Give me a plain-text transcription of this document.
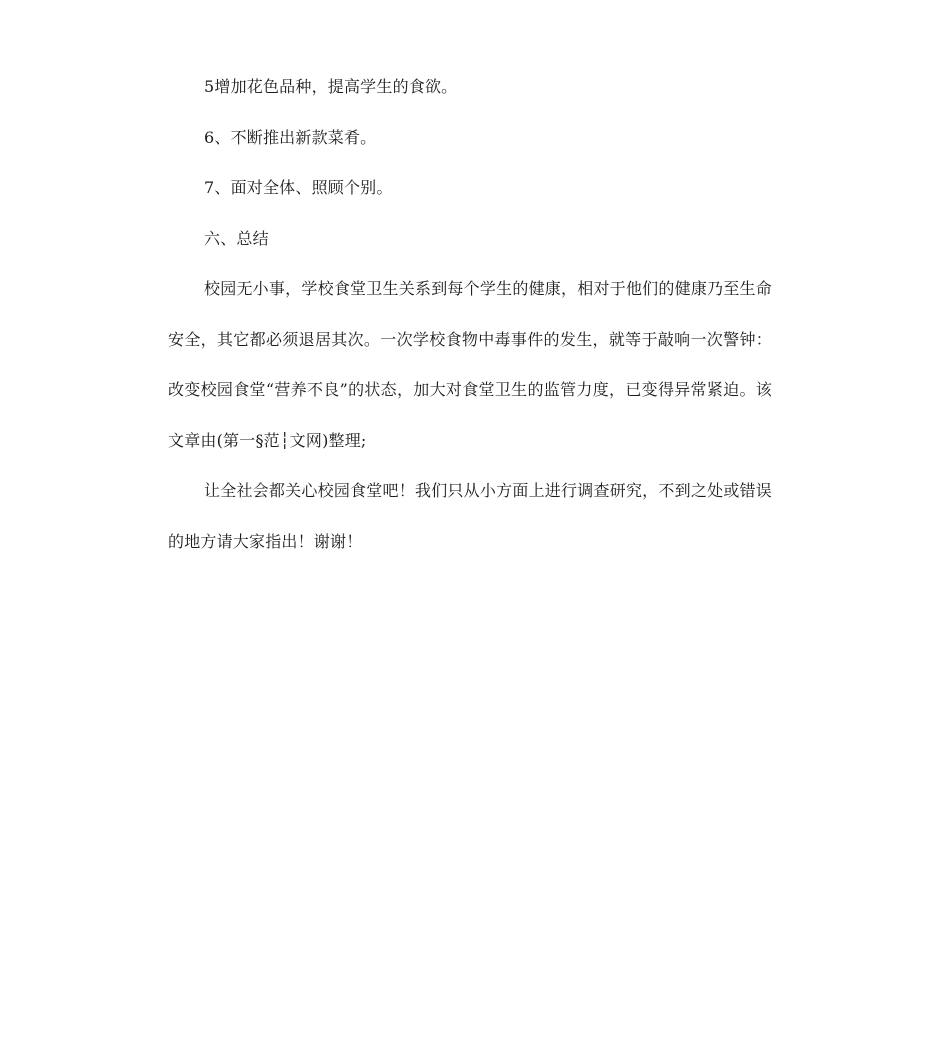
5增加花色品种，提高学生的食欲。

6、不断推出新款菜肴。

7、面对全体、照顾个别。

六、总结

校园无小事，学校食堂卫生关系到每个学生的健康，相对于他们的健康乃至生命安全，其它都必须退居其次。一次学校食物中毒事件的发生，就等于敲响一次警钟：改变校园食堂“营养不良”的状态，加大对食堂卫生的监管力度，已变得异常紧迫。该文章由(第一§范┆文网)整理;

让全社会都关心校园食堂吧！我们只从小方面上进行调查研究，不到之处或错误的地方请大家指出！谢谢！
